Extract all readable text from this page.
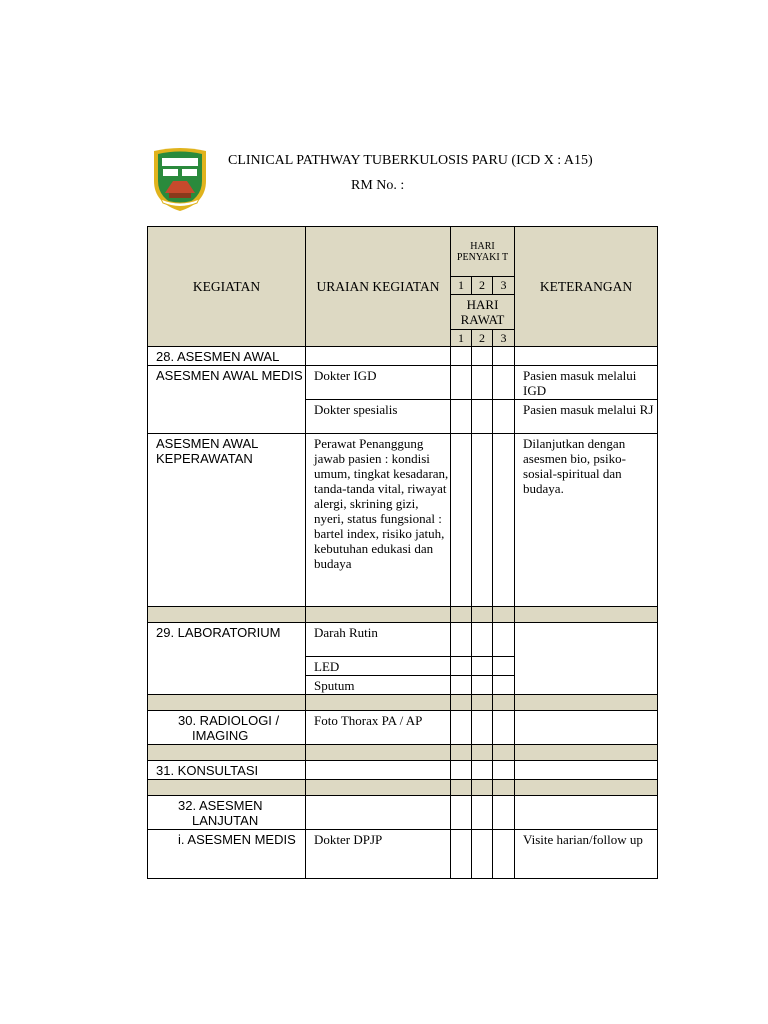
CLINICAL PATHWAY TUBERKULOSIS PARU (ICD X : A15)
RM No. :
KEGIATAN	URAIAN KEGIATAN	HARI PENYAKI T			KETERANGAN
		1	2	3	
		HARI RAWAT			
		1	2	3	
28. ASESMEN AWAL					
ASESMEN AWAL MEDIS	Dokter IGD				Pasien masuk melalui IGD
	Dokter spesialis				Pasien masuk melalui RJ
ASESMEN AWAL KEPERAWATAN	Perawat Penanggung jawab pasien : kondisi umum, tingkat kesadaran, tanda-tanda vital, riwayat alergi, skrining gizi, nyeri, status fungsional : bartel index, risiko jatuh, kebutuhan edukasi dan budaya				Dilanjutkan dengan asesmen bio, psiko-sosial-spiritual dan budaya.

29. LABORATORIUM	Darah Rutin				
	LED				
	Sputum				

30. RADIOLOGI / IMAGING	Foto Thorax PA / AP				

31. KONSULTASI					

32. ASESMEN LANJUTAN					
i. ASESMEN MEDIS	Dokter DPJP				Visite harian/follow up
